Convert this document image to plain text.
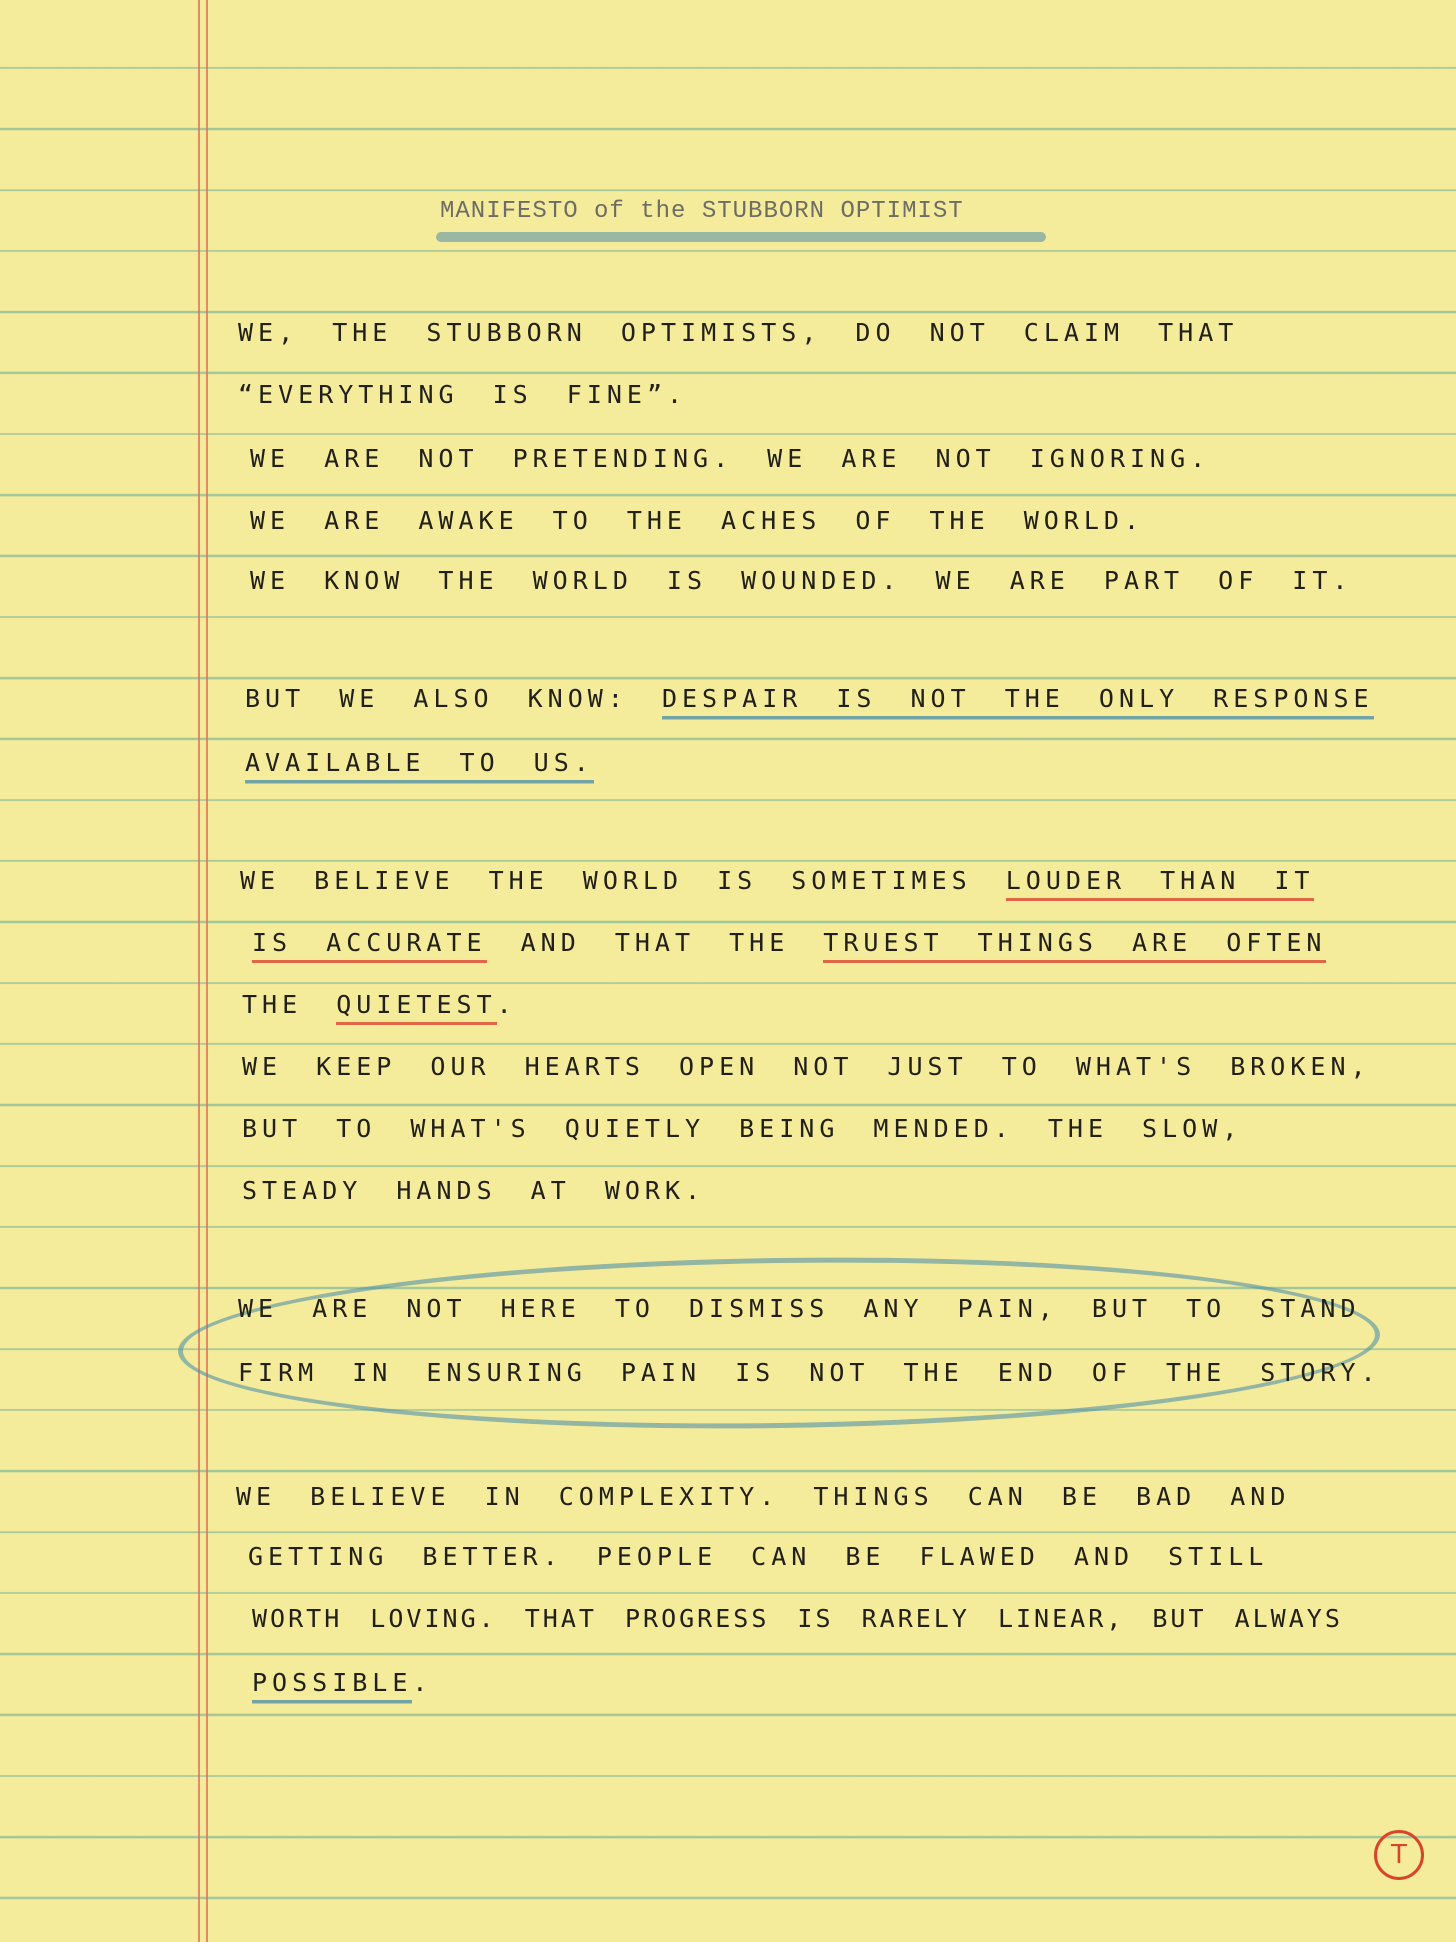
MANIFESTO of the STUBBORN OPTIMIST
WE, THE STUBBORN OPTIMISTS, DO NOT CLAIM THAT
“EVERYTHING IS FINE”.
WE ARE NOT PRETENDING. WE ARE NOT IGNORING.
WE ARE AWAKE TO THE ACHES OF THE WORLD.
WE KNOW THE WORLD IS WOUNDED. WE ARE PART OF IT.
BUT WE ALSO KNOW: DESPAIR IS NOT THE ONLY RESPONSE
AVAILABLE TO US.
WE BELIEVE THE WORLD IS SOMETIMES LOUDER THAN IT
IS ACCURATE AND THAT THE TRUEST THINGS ARE OFTEN
THE QUIETEST.
WE KEEP OUR HEARTS OPEN NOT JUST TO WHAT'S BROKEN,
BUT TO WHAT'S QUIETLY BEING MENDED. THE SLOW,
STEADY HANDS AT WORK.
WE ARE NOT HERE TO DISMISS ANY PAIN, BUT TO STAND
FIRM IN ENSURING PAIN IS NOT THE END OF THE STORY.
WE BELIEVE IN COMPLEXITY. THINGS CAN BE BAD AND
GETTING BETTER. PEOPLE CAN BE FLAWED AND STILL
WORTH LOVING. THAT PROGRESS IS RARELY LINEAR, BUT ALWAYS
POSSIBLE.
T
